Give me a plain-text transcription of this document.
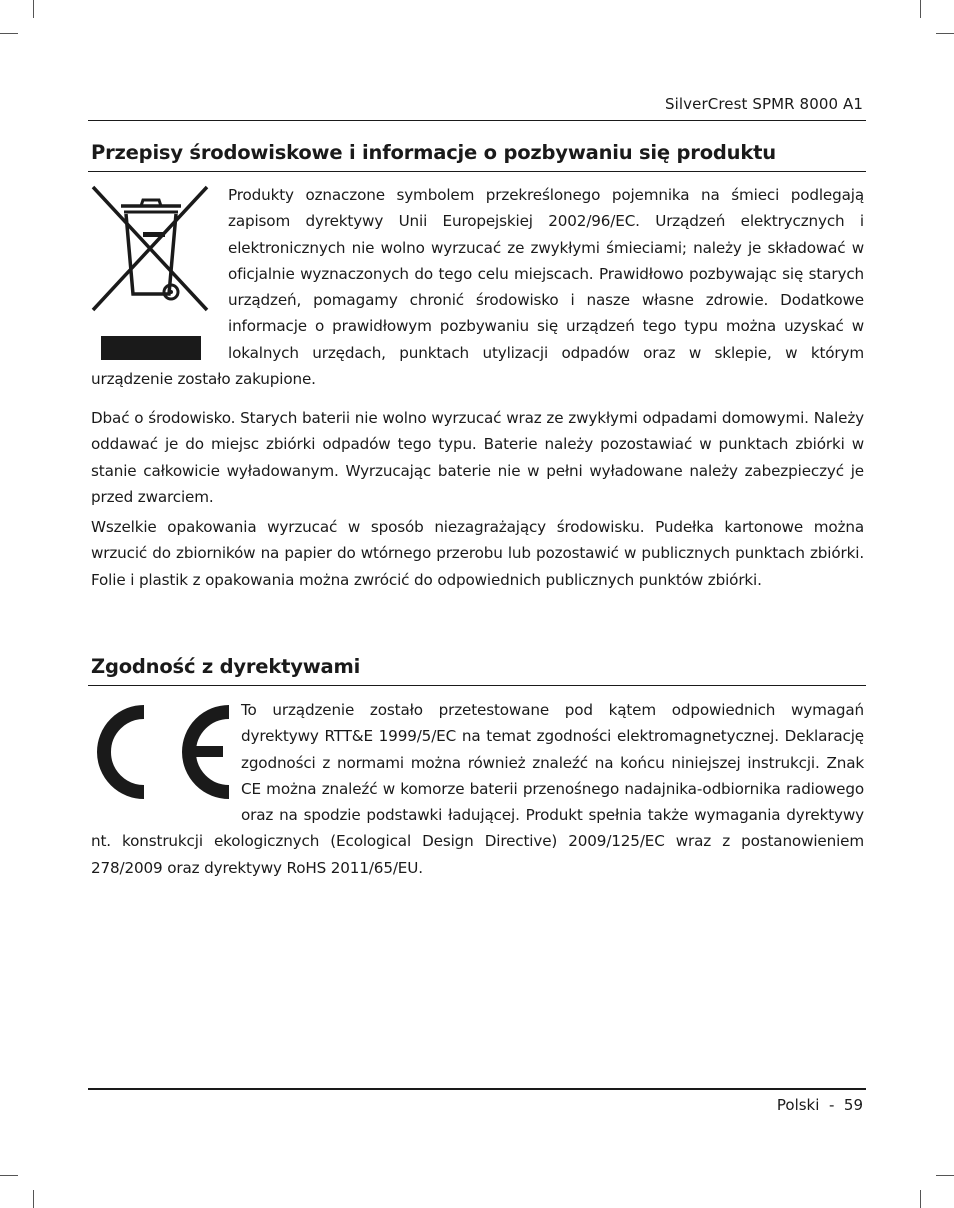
SilverCrest SPMR 8000 A1
Przepisy środowiskowe i informacje o pozbywaniu się produktu
Produkty oznaczone symbolem przekreślonego pojemnika na śmieci podlegają zapisom dyrektywy Unii Europejskiej 2002/96/EC. Urządzeń elektrycznych i elektronicznych nie wolno wyrzucać ze zwykłymi śmieciami; należy je składować w oficjalnie wyznaczonych do tego celu miejscach. Prawidłowo pozbywając się starych urządzeń, pomagamy chronić środowisko i nasze własne zdrowie. Dodatkowe informacje o prawidłowym pozbywaniu się urządzeń tego typu można uzyskać w lokalnych urzędach, punktach utylizacji odpadów oraz w sklepie, w którym urządzenie zostało zakupione.

Dbać o środowisko. Starych baterii nie wolno wyrzucać wraz ze zwykłymi odpadami domowymi. Należy oddawać je do miejsc zbiórki odpadów tego typu. Baterie należy pozostawiać w punktach zbiórki w stanie całkowicie wyładowanym. Wyrzucając baterie nie w pełni wyładowane należy zabezpieczyć je przed zwarciem.

Wszelkie opakowania wyrzucać w sposób niezagrażający środowisku. Pudełka kartonowe można wrzucić do zbiorników na papier do wtórnego przerobu lub pozostawić w publicznych punktach zbiórki. Folie i plastik z opakowania można zwrócić do odpowiednich publicznych punktów zbiórki.

Zgodność z dyrektywami
To urządzenie zostało przetestowane pod kątem odpowiednich wymagań dyrektywy RTT&E 1999/5/EC na temat zgodności elektromagnetycznej. Deklarację zgodności z normami można również znaleźć na końcu niniejszej instrukcji. Znak CE można znaleźć w komorze baterii przenośnego nadajnika-odbiornika radiowego oraz na spodzie podstawki ładującej. Produkt spełnia także wymagania dyrektywy nt. konstrukcji ekologicznych (Ecological Design Directive) 2009/125/EC wraz z postanowieniem 278/2009 oraz dyrektywy RoHS 2011/65/EU.
Polski  -  59
